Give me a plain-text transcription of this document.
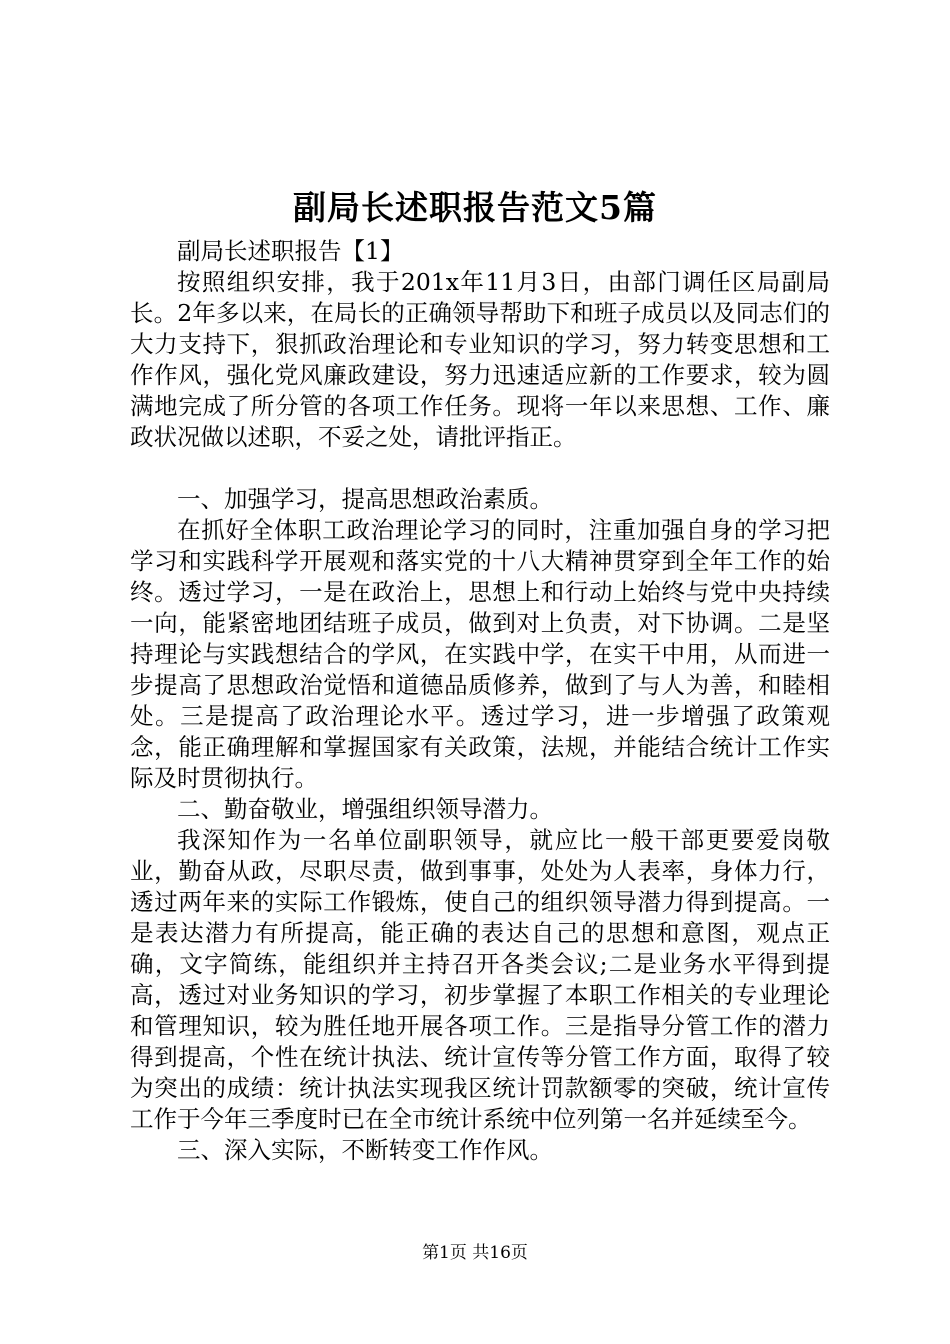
副局长述职报告范文5篇

副局长述职报告【1】

按照组织安排，我于201x年11月3日，由部门调任区局副局长。2年多以来，在局长的正确领导帮助下和班子成员以及同志们的大力支持下，狠抓政治理论和专业知识的学习，努力转变思想和工作作风，强化党风廉政建设，努力迅速适应新的工作要求，较为圆满地完成了所分管的各项工作任务。现将一年以来思想、工作、廉政状况做以述职，不妥之处，请批评指正。

一、加强学习，提高思想政治素质。

在抓好全体职工政治理论学习的同时，注重加强自身的学习把学习和实践科学开展观和落实党的十八大精神贯穿到全年工作的始终。透过学习，一是在政治上，思想上和行动上始终与党中央持续一向，能紧密地团结班子成员，做到对上负责，对下协调。二是坚持理论与实践想结合的学风，在实践中学，在实干中用，从而进一步提高了思想政治觉悟和道德品质修养，做到了与人为善，和睦相处。三是提高了政治理论水平。透过学习，进一步增强了政策观念，能正确理解和掌握国家有关政策，法规，并能结合统计工作实际及时贯彻执行。

二、勤奋敬业，增强组织领导潜力。

我深知作为一名单位副职领导，就应比一般干部更要爱岗敬业，勤奋从政，尽职尽责，做到事事，处处为人表率，身体力行，透过两年来的实际工作锻炼，使自己的组织领导潜力得到提高。一是表达潜力有所提高，能正确的表达自己的思想和意图，观点正确，文字简练，能组织并主持召开各类会议;二是业务水平得到提高，透过对业务知识的学习，初步掌握了本职工作相关的专业理论和管理知识，较为胜任地开展各项工作。三是指导分管工作的潜力得到提高，个性在统计执法、统计宣传等分管工作方面，取得了较为突出的成绩：统计执法实现我区统计罚款额零的突破，统计宣传工作于今年三季度时已在全市统计系统中位列第一名并延续至今。

三、深入实际，不断转变工作作风。

第1页 共16页
